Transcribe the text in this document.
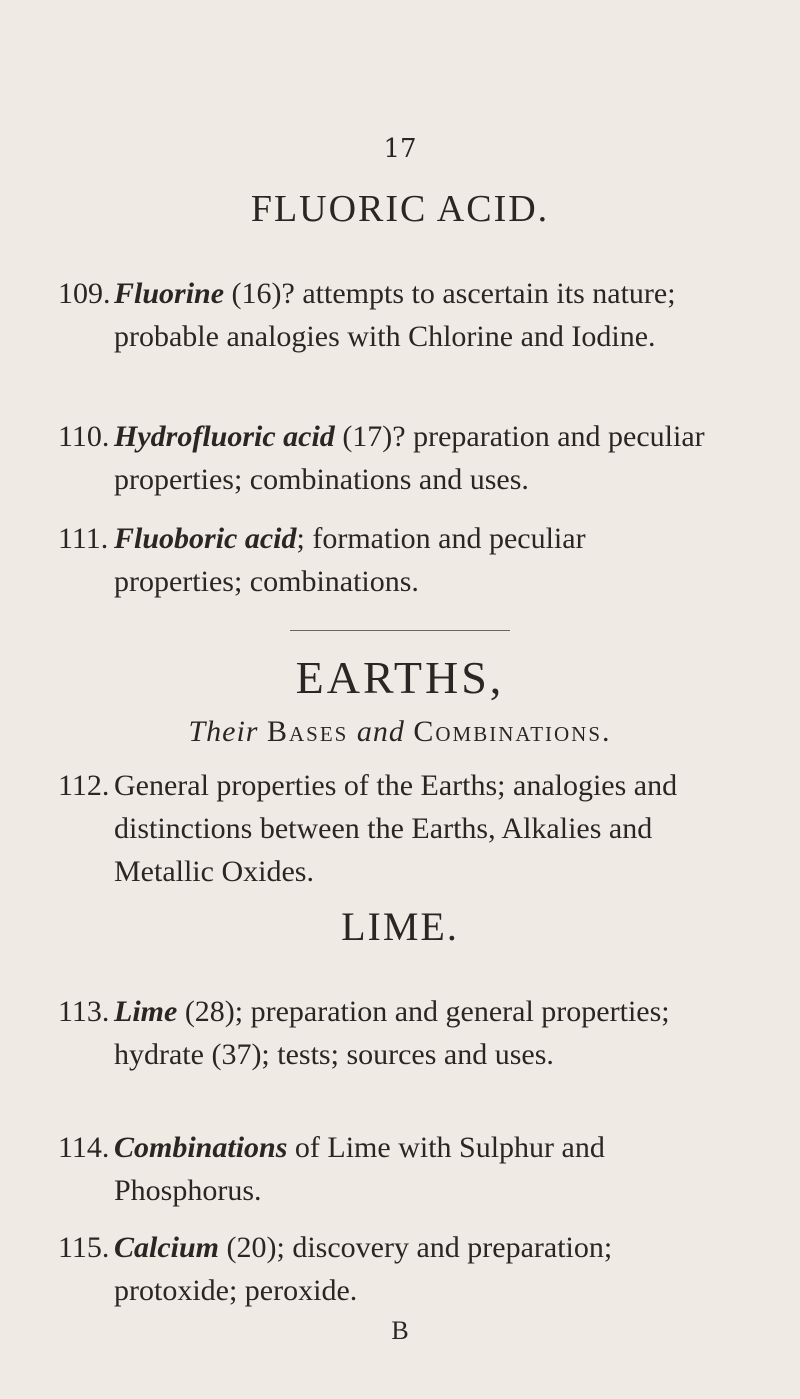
17
FLUORIC ACID.
109. Fluorine (16)? attempts to ascertain its nature; probable analogies with Chlorine and Iodine.
110. Hydrofluoric acid (17)? preparation and peculiar properties; combinations and uses.
111. Fluoboric acid; formation and peculiar properties; combinations.
EARTHS,
Their Bases and Combinations.
112. General properties of the Earths; analogies and distinctions between the Earths, Alkalies and Metallic Oxides.
LIME.
113. Lime (28); preparation and general properties; hydrate (37); tests; sources and uses.
114. Combinations of Lime with Sulphur and Phosphorus.
115. Calcium (20); discovery and preparation; protoxide; peroxide.
B
